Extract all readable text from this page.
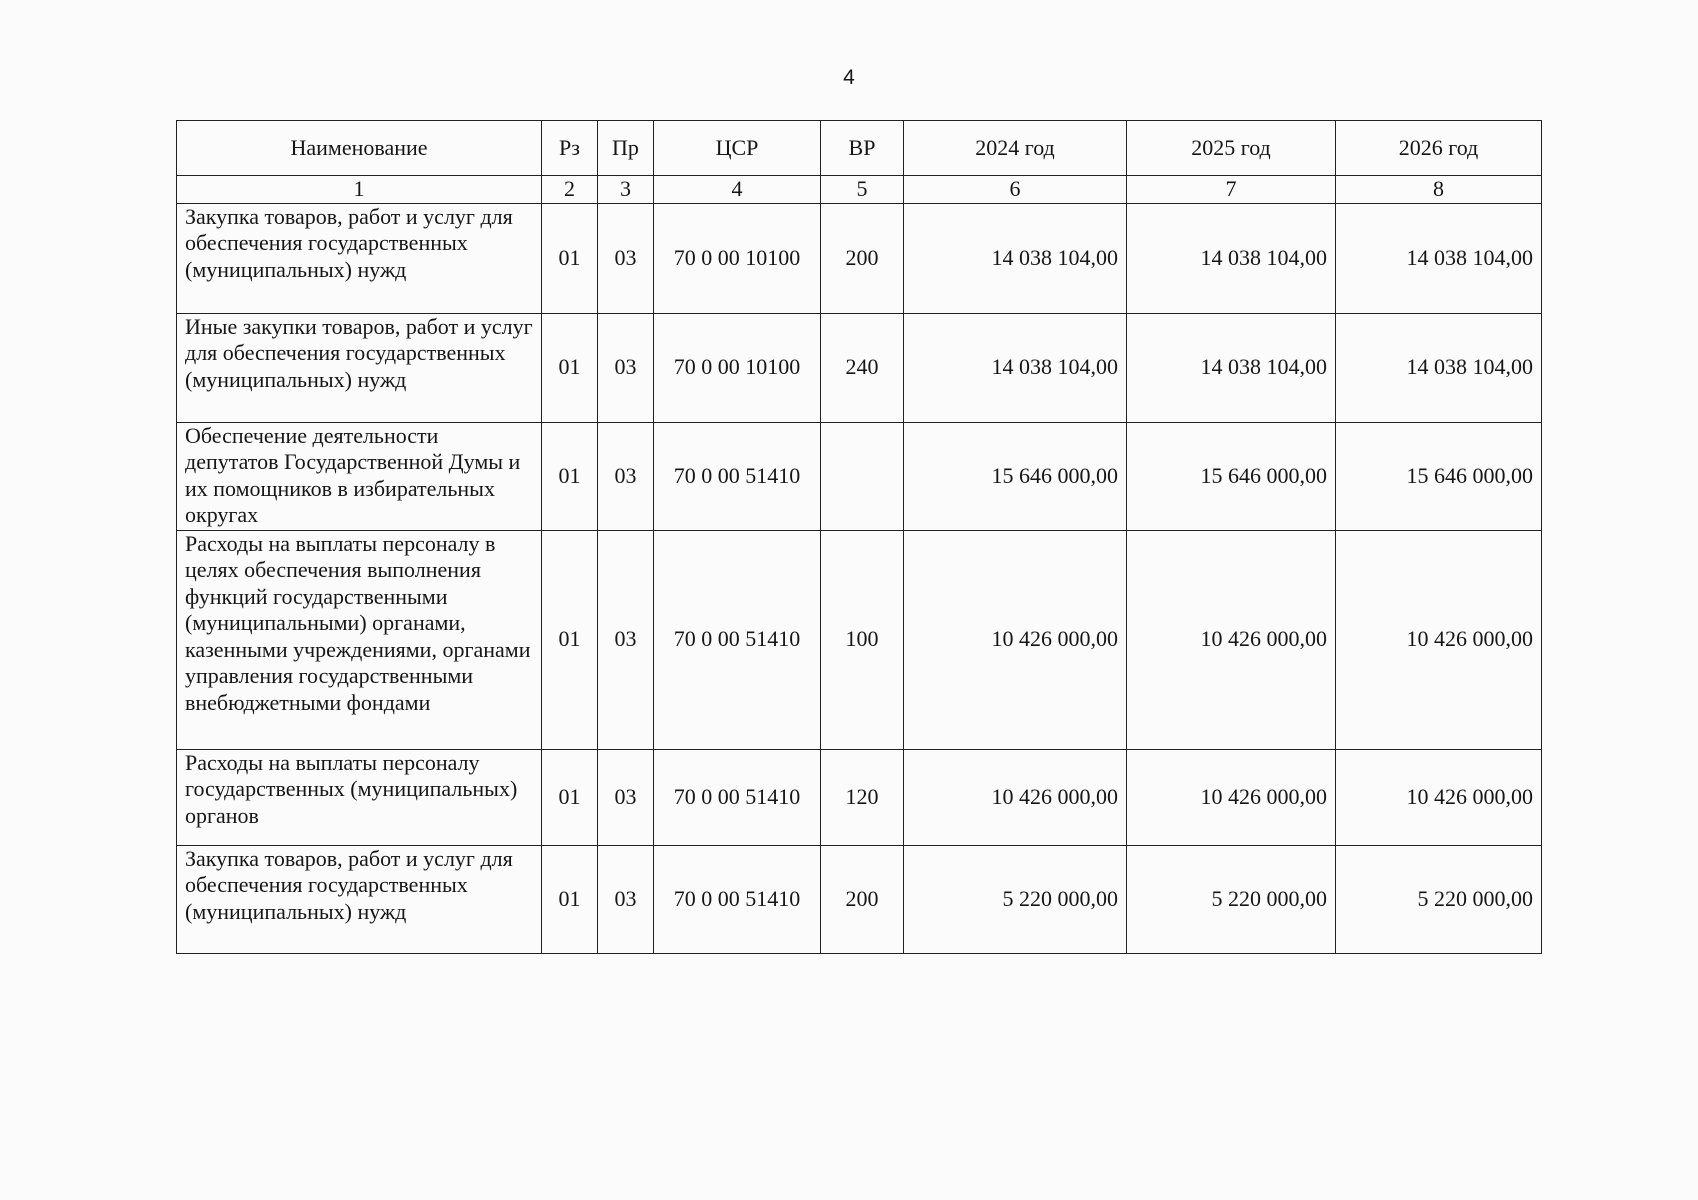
4
Наименование	Рз	Пр	ЦСР	ВР	2024 год	2025 год	2026 год
1	2	3	4	5	6	7	8
Закупка товаров, работ и услуг для обеспечения государственных (муниципальных) нужд	01	03	70 0 00 10100	200	14 038 104,00	14 038 104,00	14 038 104,00
Иные закупки товаров, работ и услуг для обеспечения государственных (муниципальных) нужд	01	03	70 0 00 10100	240	14 038 104,00	14 038 104,00	14 038 104,00
Обеспечение деятельности депутатов Государственной Думы и их помощников в избирательных округах	01	03	70 0 00 51410		15 646 000,00	15 646 000,00	15 646 000,00
Расходы на выплаты персоналу в целях обеспечения выполнения функций государственными (муниципальными) органами, казенными учреждениями, органами управления государственными внебюджетными фондами	01	03	70 0 00 51410	100	10 426 000,00	10 426 000,00	10 426 000,00
Расходы на выплаты персоналу государственных (муниципальных) органов	01	03	70 0 00 51410	120	10 426 000,00	10 426 000,00	10 426 000,00
Закупка товаров, работ и услуг для обеспечения государственных (муниципальных) нужд	01	03	70 0 00 51410	200	5 220 000,00	5 220 000,00	5 220 000,00
